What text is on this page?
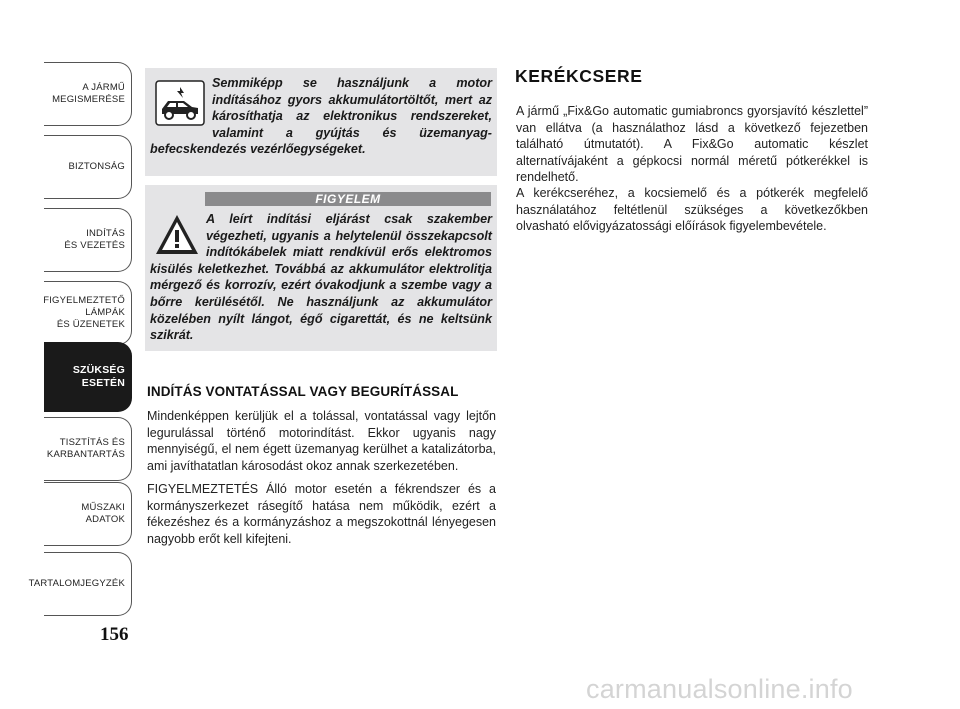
A JÁRMŰ
MEGISMERÉSE
BIZTONSÁG
INDÍTÁS
ÉS VEZETÉS
FIGYELMEZTETŐ
LÁMPÁK
ÉS ÜZENETEK
SZÜKSÉG
ESETÉN
TISZTÍTÁS ÉS
KARBANTARTÁS
MŰSZAKI
ADATOK
TARTALOMJEGYZÉK
156
Semmiképp se használjunk a motor indításához gyors akkumulátortöltőt, mert az károsíthatja az elektronikus rendszereket, valamint a gyújtás és üzemanyag-befecskendezés vezérlőegységeket.
FIGYELEM
A leírt indítási eljárást csak szakember végezheti, ugyanis a helytelenül összekapcsolt indítókábelek miatt rendkívül erős elektromos kisülés keletkezhet. Továbbá az akkumulátor elektrolitja mérgező és korrozív, ezért óvakodjunk a szembe vagy a bőrre kerülésétől. Ne használjunk az akkumulátor közelében nyílt lángot, égő cigarettát, és ne keltsünk szikrát.
INDÍTÁS VONTATÁSSAL VAGY BEGURÍTÁSSAL
Mindenképpen kerüljük el a tolással, vontatással vagy lejtőn legurulással történő motorindítást. Ekkor ugyanis nagy mennyiségű, el nem égett üzemanyag kerülhet a katalizátorba, ami javíthatatlan károsodást okoz annak szerkezetében.
FIGYELMEZTETÉS Álló motor esetén a fékrendszer és a kormányszerkezet rásegítő hatása nem működik, ezért a fékezéshez és a kormányzáshoz a megszokottnál lényegesen nagyobb erőt kell kifejteni.
KERÉKCSERE
A jármű „Fix&Go automatic gumiabroncs gyorsjavító készlettel” van ellátva (a használathoz lásd a következő fejezetben található útmutatót). A Fix&Go automatic készlet alternatívájaként a gépkocsi normál méretű pótkerékkel is rendelhető.
A kerékcseréhez, a kocsiemelő és a pótkerék megfelelő használatához feltétlenül szükséges a következőkben olvasható elővigyázatossági előírások figyelembevétele.
carmanualsonline.info
